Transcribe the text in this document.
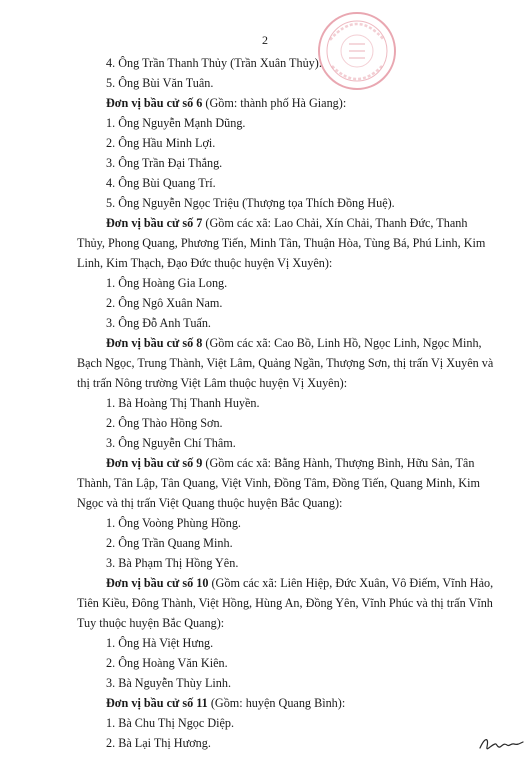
2

4. Ông Trần Thanh Thủy (Trần Xuân Thủy).

5. Ông Bùi Văn Tuân.

Đơn vị bầu cử số 6 (Gồm: thành phố Hà Giang):

1. Ông Nguyễn Mạnh Dũng.

2. Ông Hầu Minh Lợi.

3. Ông Trần Đại Thắng.

4. Ông Bùi Quang Trí.

5. Ông Nguyễn Ngọc Triệu (Thượng tọa Thích Đồng Huệ).

Đơn vị bầu cử số 7 (Gồm các xã: Lao Chải, Xín Chải, Thanh Đức, Thanh Thủy, Phong Quang, Phương Tiến, Minh Tân, Thuận Hòa, Tùng Bá, Phú Linh, Kim Linh, Kim Thạch, Đạo Đức thuộc huyện Vị Xuyên):

1. Ông Hoàng Gia Long.

2. Ông Ngô Xuân Nam.

3. Ông Đỗ Anh Tuấn.

Đơn vị bầu cử số 8 (Gồm các xã: Cao Bồ, Linh Hồ, Ngọc Linh, Ngọc Minh, Bạch Ngọc, Trung Thành, Việt Lâm, Quảng Ngần, Thượng Sơn, thị trấn Vị Xuyên và thị trấn Nông trường Việt Lâm thuộc huyện Vị Xuyên):

1. Bà Hoàng Thị Thanh Huyền.

2. Ông Thào Hồng Sơn.

3. Ông Nguyễn Chí Thâm.

Đơn vị bầu cử số 9 (Gồm các xã: Bằng Hành, Thượng Bình, Hữu Sản, Tân Thành, Tân Lập, Tân Quang, Việt Vinh, Đồng Tâm, Đồng Tiến, Quang Minh, Kim Ngọc và thị trấn Việt Quang thuộc huyện Bắc Quang):

1. Ông Voòng Phùng Hồng.

2. Ông Trần Quang Minh.

3. Bà Phạm Thị Hồng Yên.

Đơn vị bầu cử số 10 (Gồm các xã: Liên Hiệp, Đức Xuân, Vô Điếm, Vĩnh Hảo, Tiên Kiều, Đông Thành, Việt Hồng, Hùng An, Đồng Yên, Vĩnh Phúc và thị trấn Vĩnh Tuy thuộc huyện Bắc Quang):

1. Ông Hà Việt Hưng.

2. Ông Hoàng Văn Kiên.

3. Bà Nguyễn Thùy Linh.

Đơn vị bầu cử số 11 (Gồm: huyện Quang Bình):

1. Bà Chu Thị Ngọc Diệp.

2. Bà Lại Thị Hương.
